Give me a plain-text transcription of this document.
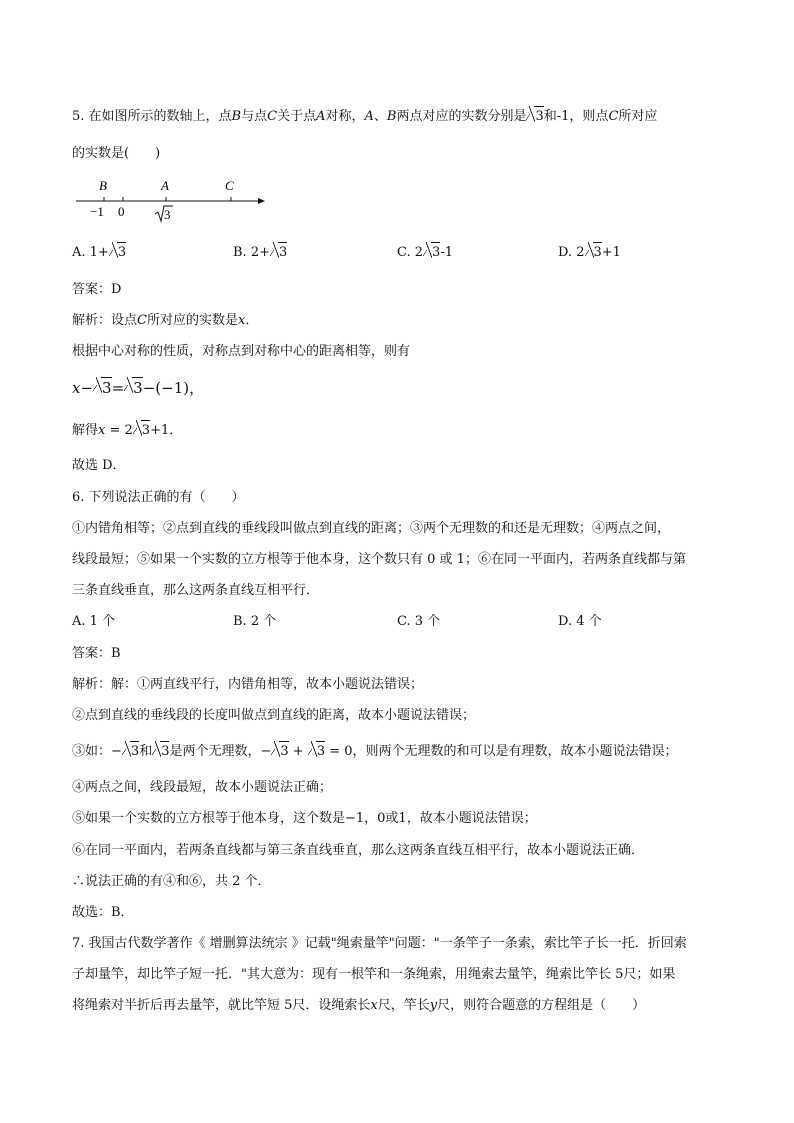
5. 在如图所示的数轴上，点B与点C关于点A对称，A、B两点对应的实数分别是 3和-1，则点C所对应
的实数是(　　)
B	A	C
−1 0	3
A. 1+ 3	B. 2+ 3	C. 2 3-1	D. 2 3+1
答案：D
解析：设点C所对应的实数是x．
根据中心对称的性质，对称点到对称中心的距离相等，则有
x− 3= 3−(−1)，
解得x = 2 3+1．
故选 D．
6. 下列说法正确的有（　　）
①内错角相等；②点到直线的垂线段叫做点到直线的距离；③两个无理数的和还是无理数；④两点之间，
线段最短；⑤如果一个实数的立方根等于他本身，这个数只有 0 或 1；⑥在同一平面内，若两条直线都与第
三条直线垂直，那么这两条直线互相平行．
A. 1 个	B. 2 个	C. 3 个	D. 4 个
答案：B
解析：解：①两直线平行，内错角相等，故本小题说法错误；
②点到直线的垂线段的长度叫做点到直线的距离，故本小题说法错误；
③如：− 3和 3是两个无理数，− 3 + 3 = 0，则两个无理数的和可以是有理数，故本小题说法错误；
④两点之间，线段最短，故本小题说法正确；
⑤如果一个实数的立方根等于他本身，这个数是−1，0或1，故本小题说法错误；
⑥在同一平面内，若两条直线都与第三条直线垂直，那么这两条直线互相平行，故本小题说法正确．
∴说法正确的有④和⑥，共 2 个．
故选：B．
7. 我国古代数学著作《 增删算法统宗 》记载"绳索量竿"问题："一条竿子一条索，索比竿子长一托．折回索
子却量竿，却比竿子短一托．"其大意为：现有一根竿和一条绳索，用绳索去量竿，绳索比竿长 5尺；如果
将绳索对半折后再去量竿，就比竿短 5尺．设绳索长x尺，竿长y尺，则符合题意的方程组是（　　）
